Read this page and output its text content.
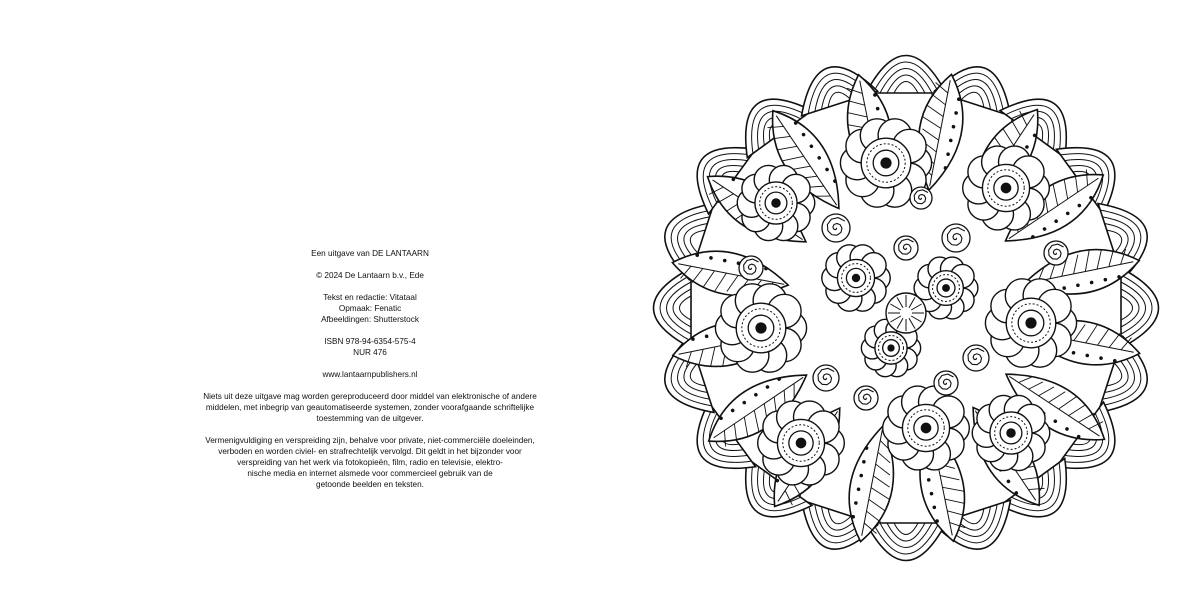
Een uitgave van DE LANTAARN

© 2024 De Lantaarn b.v., Ede

Tekst en redactie: Vitataal
Opmaak: Fenatic
Afbeeldingen: Shutterstock

ISBN 978-94-6354-575-4
NUR 476

www.lantaarnpublishers.nl

Niets uit deze uitgave mag worden gereproduceerd door middel van elektronische of andere
middelen, met inbegrip van geautomatiseerde systemen, zonder voorafgaande schriftelijke
toestemming van de uitgever.

Vermenigvuldiging en verspreiding zijn, behalve voor private, niet-commerciële doeleinden,
verboden en worden civiel- en strafrechtelijk vervolgd. Dit geldt in het bijzonder voor
verspreiding van het werk via fotokopieën, film, radio en televisie, elektro-
nische media en internet alsmede voor commercieel gebruik van de
getoonde beelden en teksten.
